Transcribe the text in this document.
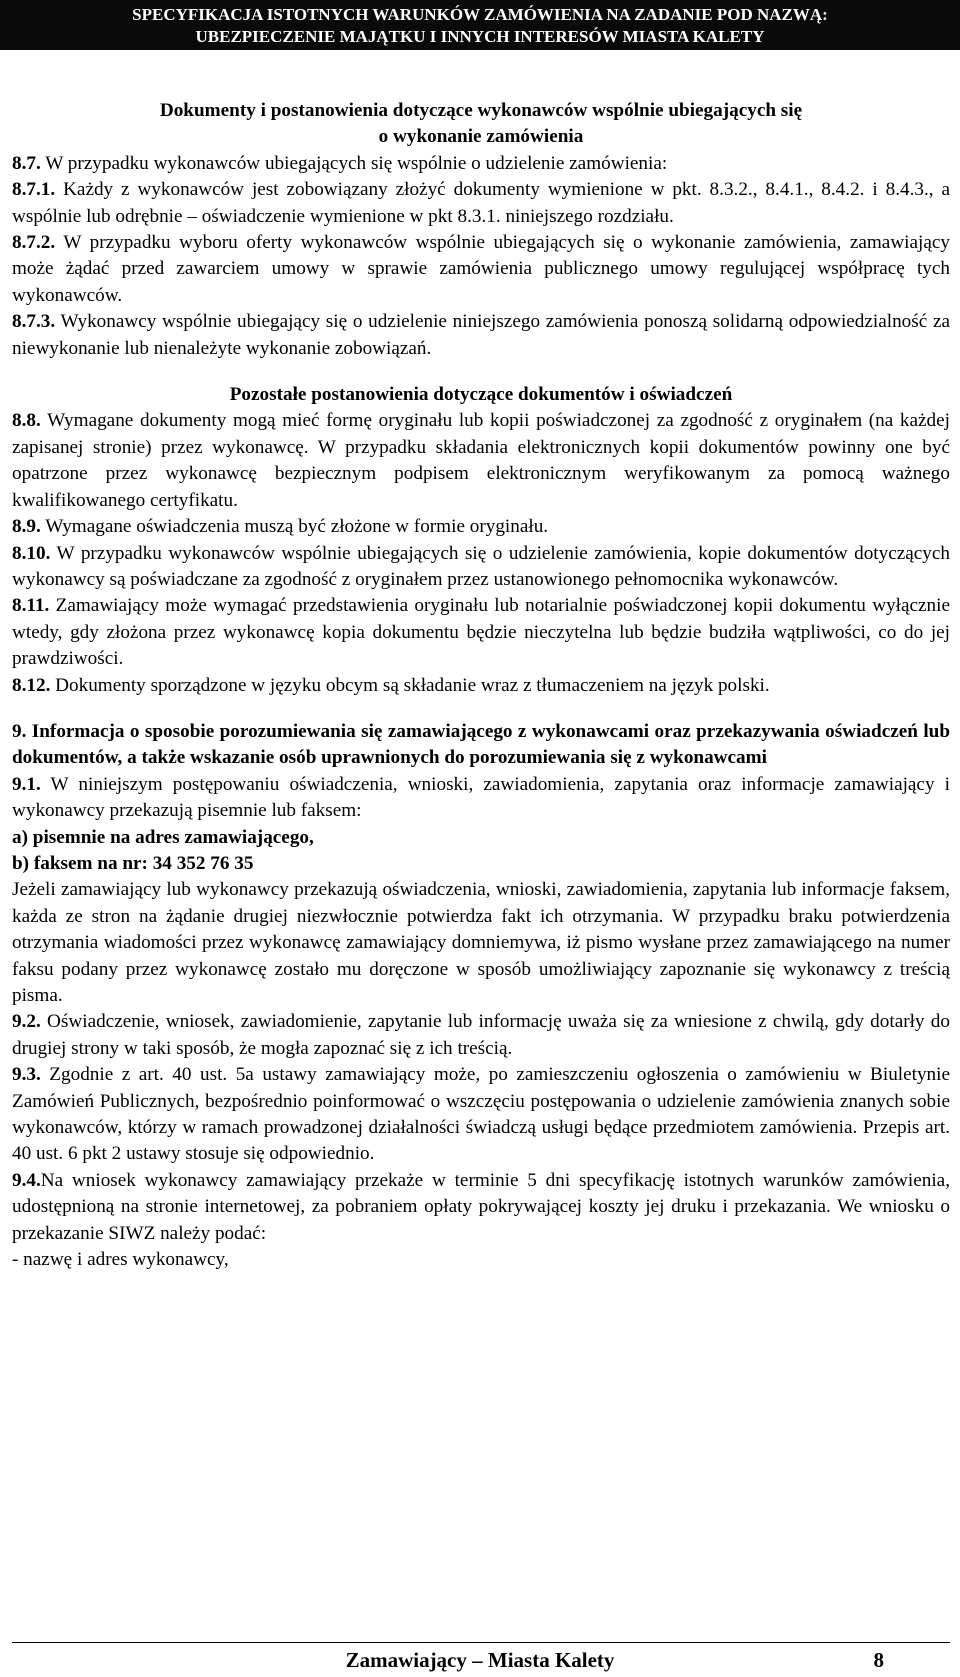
SPECYFIKACJA ISTOTNYCH WARUNKÓW ZAMÓWIENIA NA ZADANIE POD NAZWĄ:
UBEZPIECZENIE MAJĄTKU I INNYCH INTERESÓW MIASTA KALETY

Dokumenty i postanowienia dotyczące wykonawców wspólnie ubiegających się
o wykonanie zamówienia

8.7. W przypadku wykonawców ubiegających się wspólnie o udzielenie zamówienia:

8.7.1. Każdy z wykonawców jest zobowiązany złożyć dokumenty wymienione w pkt. 8.3.2., 8.4.1., 8.4.2. i 8.4.3., a wspólnie lub odrębnie – oświadczenie wymienione w pkt 8.3.1. niniejszego rozdziału.

8.7.2. W przypadku wyboru oferty wykonawców wspólnie ubiegających się o wykonanie zamówienia, zamawiający może żądać przed zawarciem umowy w sprawie zamówienia publicznego umowy regulującej współpracę tych wykonawców.

8.7.3. Wykonawcy wspólnie ubiegający się o udzielenie niniejszego zamówienia ponoszą solidarną odpowiedzialność za niewykonanie lub nienależyte wykonanie zobowiązań.

Pozostałe postanowienia dotyczące dokumentów i oświadczeń

8.8. Wymagane dokumenty mogą mieć formę oryginału lub kopii poświadczonej za zgodność z oryginałem (na każdej zapisanej stronie) przez wykonawcę. W przypadku składania elektronicznych kopii dokumentów powinny one być opatrzone przez wykonawcę bezpiecznym podpisem elektronicznym weryfikowanym za pomocą ważnego kwalifikowanego certyfikatu.

8.9. Wymagane oświadczenia muszą być złożone w formie oryginału.

8.10. W przypadku wykonawców wspólnie ubiegających się o udzielenie zamówienia, kopie dokumentów dotyczących wykonawcy są poświadczane za zgodność z oryginałem przez ustanowionego pełnomocnika wykonawców.

8.11. Zamawiający może wymagać przedstawienia oryginału lub notarialnie poświadczonej kopii dokumentu wyłącznie wtedy, gdy złożona przez wykonawcę kopia dokumentu będzie nieczytelna lub będzie budziła wątpliwości, co do jej prawdziwości.

8.12. Dokumenty sporządzone w języku obcym są składanie wraz z tłumaczeniem na język polski.

9. Informacja o sposobie porozumiewania się zamawiającego z wykonawcami oraz przekazywania oświadczeń lub dokumentów, a także wskazanie osób uprawnionych do porozumiewania się z wykonawcami

9.1. W niniejszym postępowaniu oświadczenia, wnioski, zawiadomienia, zapytania oraz informacje zamawiający i wykonawcy przekazują pisemnie lub faksem:

a) pisemnie na adres zamawiającego,

b) faksem na nr: 34 352 76 35

Jeżeli zamawiający lub wykonawcy przekazują oświadczenia, wnioski, zawiadomienia, zapytania lub informacje faksem, każda ze stron na żądanie drugiej niezwłocznie potwierdza fakt ich otrzymania. W przypadku braku potwierdzenia otrzymania wiadomości przez wykonawcę zamawiający domniemywa, iż pismo wysłane przez zamawiającego na numer faksu podany przez wykonawcę zostało mu doręczone w sposób umożliwiający zapoznanie się wykonawcy z treścią pisma.

9.2. Oświadczenie, wniosek, zawiadomienie, zapytanie lub informację uważa się za wniesione z chwilą, gdy dotarły do drugiej strony w taki sposób, że mogła zapoznać się z ich treścią.

9.3. Zgodnie z art. 40 ust. 5a ustawy zamawiający może, po zamieszczeniu ogłoszenia o zamówieniu w Biuletynie Zamówień Publicznych, bezpośrednio poinformować o wszczęciu postępowania o udzielenie zamówienia znanych sobie wykonawców, którzy w ramach prowadzonej działalności świadczą usługi będące przedmiotem zamówienia. Przepis art. 40 ust. 6 pkt 2 ustawy stosuje się odpowiednio.

9.4.Na wniosek wykonawcy zamawiający przekaże w terminie 5 dni specyfikację istotnych warunków zamówienia, udostępnioną na stronie internetowej, za pobraniem opłaty pokrywającej koszty jej druku i przekazania. We wniosku o przekazanie SIWZ należy podać:

- nazwę i adres wykonawcy,

Zamawiający – Miasta Kalety	8
